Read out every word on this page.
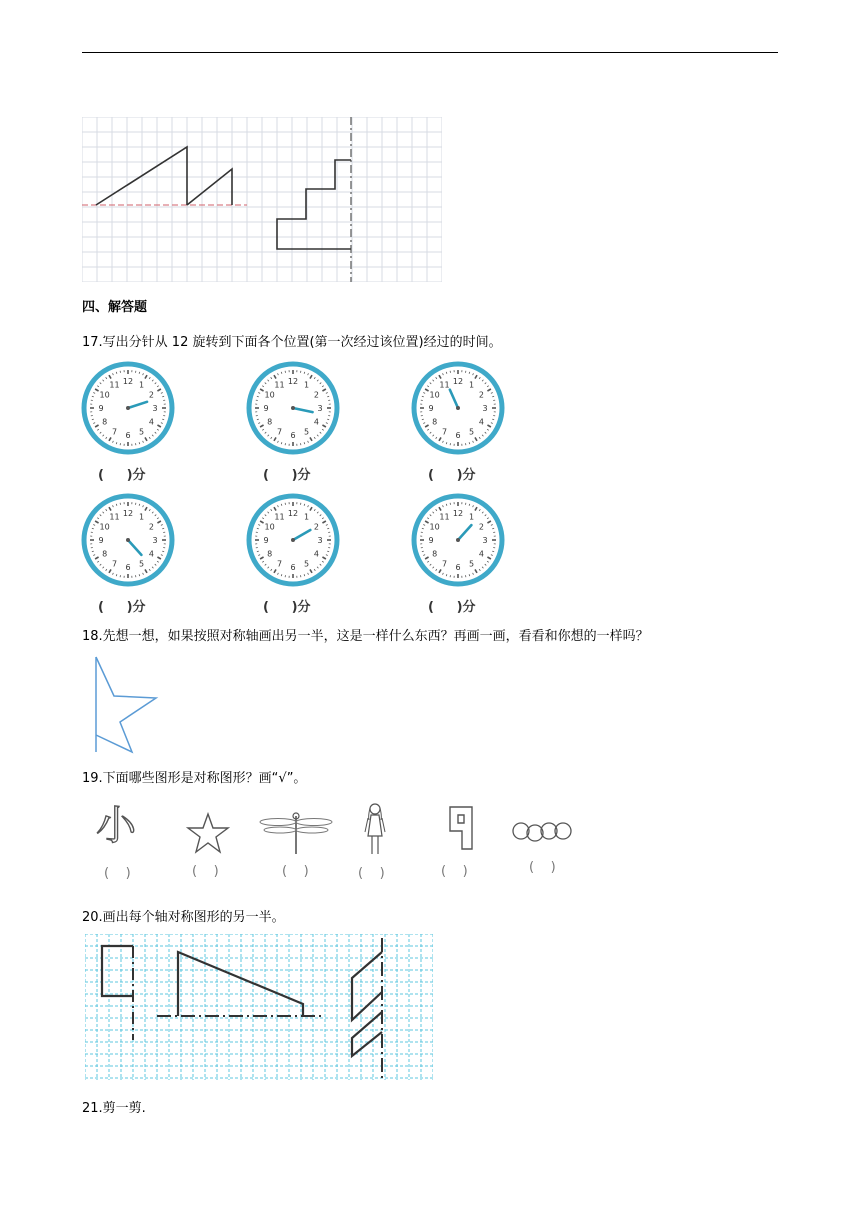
四、解答题
17.写出分针从 12 旋转到下面各个位置(第一次经过该位置)经过的时间。
12 1
2
3
4
5
6
7
8
9
10
11
(     )分
12 1
2
3
4
5
6
7
8
9
10
11
(     )分
12 1
2
3
4
5
6
7
8
9
10
11
(     )分
12 1
2
3
4
5
6
7
8
9
10
11
(     )分
12 1
2
3
4
5
6
7
8
9
10
11
(     )分
12 1
2
3
4
5
6
7
8
9
10
11
(     )分
18.先想一想，如果按照对称轴画出另一半，这是一样什么东西？再画一画，看看和你想的一样吗？
19.下面哪些图形是对称图形？画“√”。
小
(    )	(    )	(    )	(    )	(    )	(    )
20.画出每个轴对称图形的另一半。
21.剪一剪.
